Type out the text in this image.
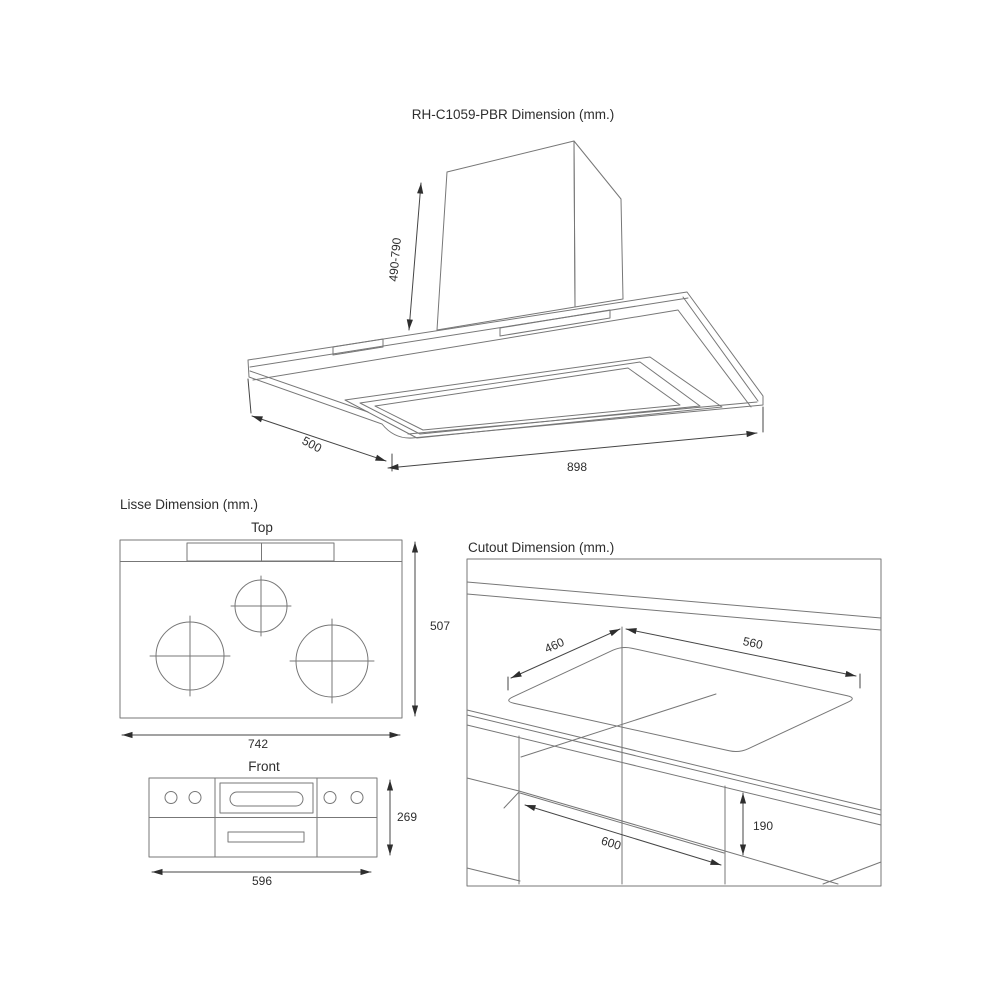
RH-C1059-PBR Dimension (mm.)
490-790
500
898
Lisse Dimension (mm.)
Top
507
742
Front
269
596
Cutout Dimension (mm.)
460	560
600
190
